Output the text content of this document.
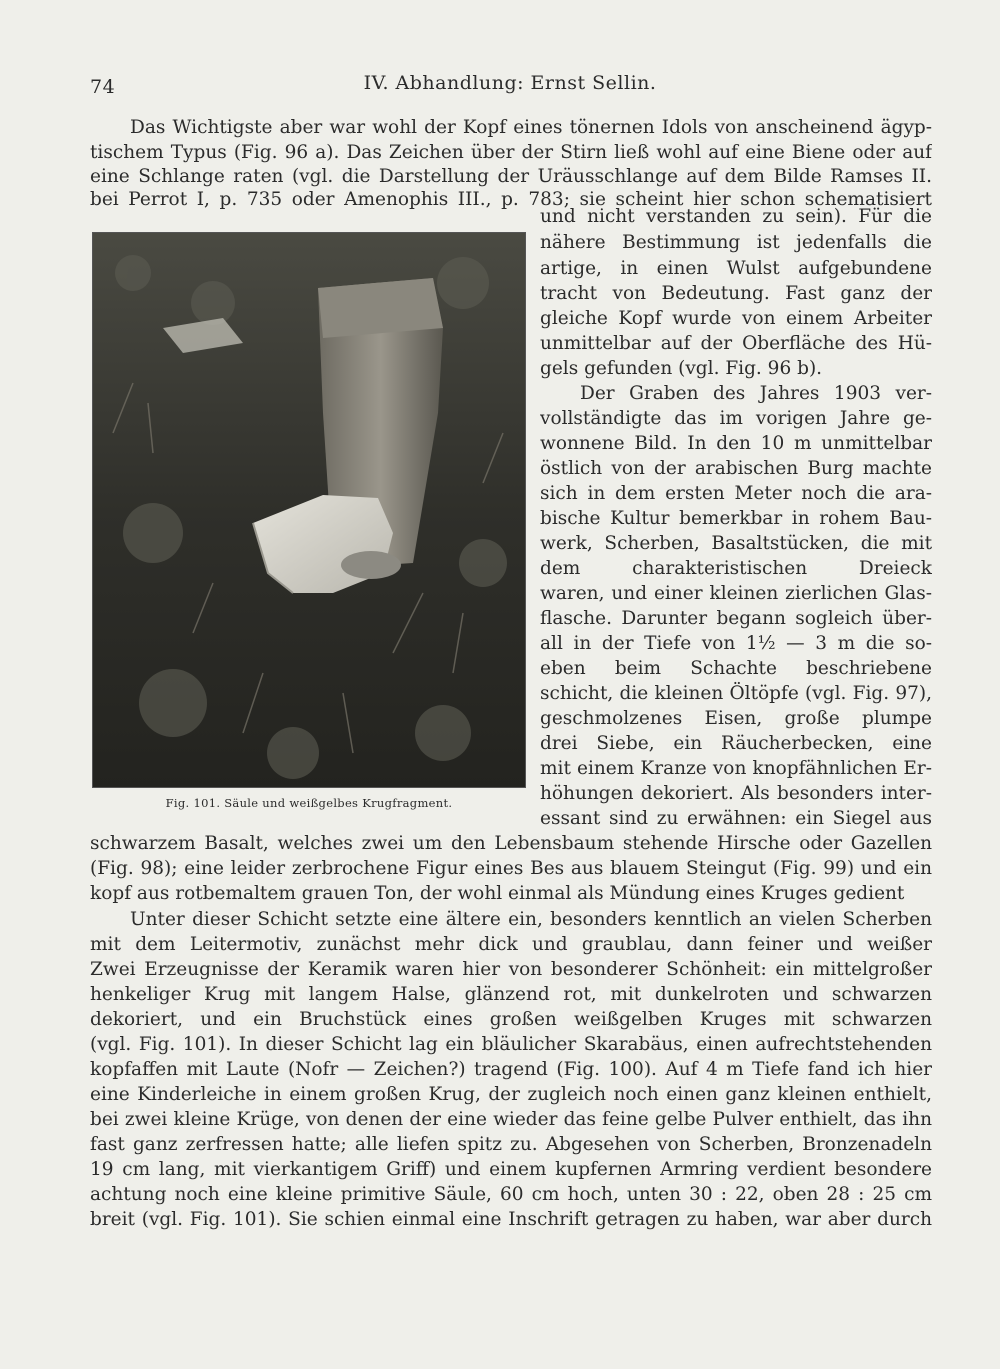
74	IV. Abhandlung: Ernst Sellin.
Das Wichtigste aber war wohl der Kopf eines tönernen Idols von anscheinend ägyp-
tischem Typus (Fig. 96 a). Das Zeichen über der Stirn ließ wohl auf eine Biene oder auf
eine Schlange raten (vgl. die Darstellung der Uräusschlange auf dem Bilde Ramses II.
bei Perrot I, p. 735 oder Amenophis III., p. 783; sie scheint hier schon schematisiert
Fig. 101. Säule und weißgelbes Krugfragment.
und nicht verstanden zu sein). Für die
nähere Bestimmung ist jedenfalls die
artige, in einen Wulst aufgebundene
tracht von Bedeutung. Fast ganz der
gleiche Kopf wurde von einem Arbeiter
unmittelbar auf der Oberfläche des Hü-
gels gefunden (vgl. Fig. 96 b).
Der Graben des Jahres 1903 ver-
vollständigte das im vorigen Jahre ge-
wonnene Bild. In den 10 m unmittelbar
östlich von der arabischen Burg machte
sich in dem ersten Meter noch die ara-
bische Kultur bemerkbar in rohem Bau-
werk, Scherben, Basaltstücken, die mit
dem charakteristischen Dreieck
waren, und einer kleinen zierlichen Glas-
flasche. Darunter begann sogleich über-
all in der Tiefe von 1½ — 3 m die so-
eben beim Schachte beschriebene
schicht, die kleinen Öltöpfe (vgl. Fig. 97),
geschmolzenes Eisen, große plumpe
drei Siebe, ein Räucherbecken, eine
mit einem Kranze von knopfähnlichen Er-
höhungen dekoriert. Als besonders inter-
essant sind zu erwähnen: ein Siegel aus
schwarzem Basalt, welches zwei um den Lebensbaum stehende Hirsche oder Gazellen
(Fig. 98); eine leider zerbrochene Figur eines Bes aus blauem Steingut (Fig. 99) und ein
kopf aus rotbemaltem grauen Ton, der wohl einmal als Mündung eines Kruges gedient
Unter dieser Schicht setzte eine ältere ein, besonders kenntlich an vielen Scherben
mit dem Leitermotiv, zunächst mehr dick und graublau, dann feiner und weißer
Zwei Erzeugnisse der Keramik waren hier von besonderer Schönheit: ein mittelgroßer
henkeliger Krug mit langem Halse, glänzend rot, mit dunkelroten und schwarzen
dekoriert, und ein Bruchstück eines großen weißgelben Kruges mit schwarzen
(vgl. Fig. 101). In dieser Schicht lag ein bläulicher Skarabäus, einen aufrechtstehenden
kopfaffen mit Laute (Nofr — Zeichen?) tragend (Fig. 100). Auf 4 m Tiefe fand ich hier
eine Kinderleiche in einem großen Krug, der zugleich noch einen ganz kleinen enthielt,
bei zwei kleine Krüge, von denen der eine wieder das feine gelbe Pulver enthielt, das ihn
fast ganz zerfressen hatte; alle liefen spitz zu. Abgesehen von Scherben, Bronzenadeln
19 cm lang, mit vierkantigem Griff) und einem kupfernen Armring verdient besondere
achtung noch eine kleine primitive Säule, 60 cm hoch, unten 30 : 22, oben 28 : 25 cm
breit (vgl. Fig. 101). Sie schien einmal eine Inschrift getragen zu haben, war aber durch
